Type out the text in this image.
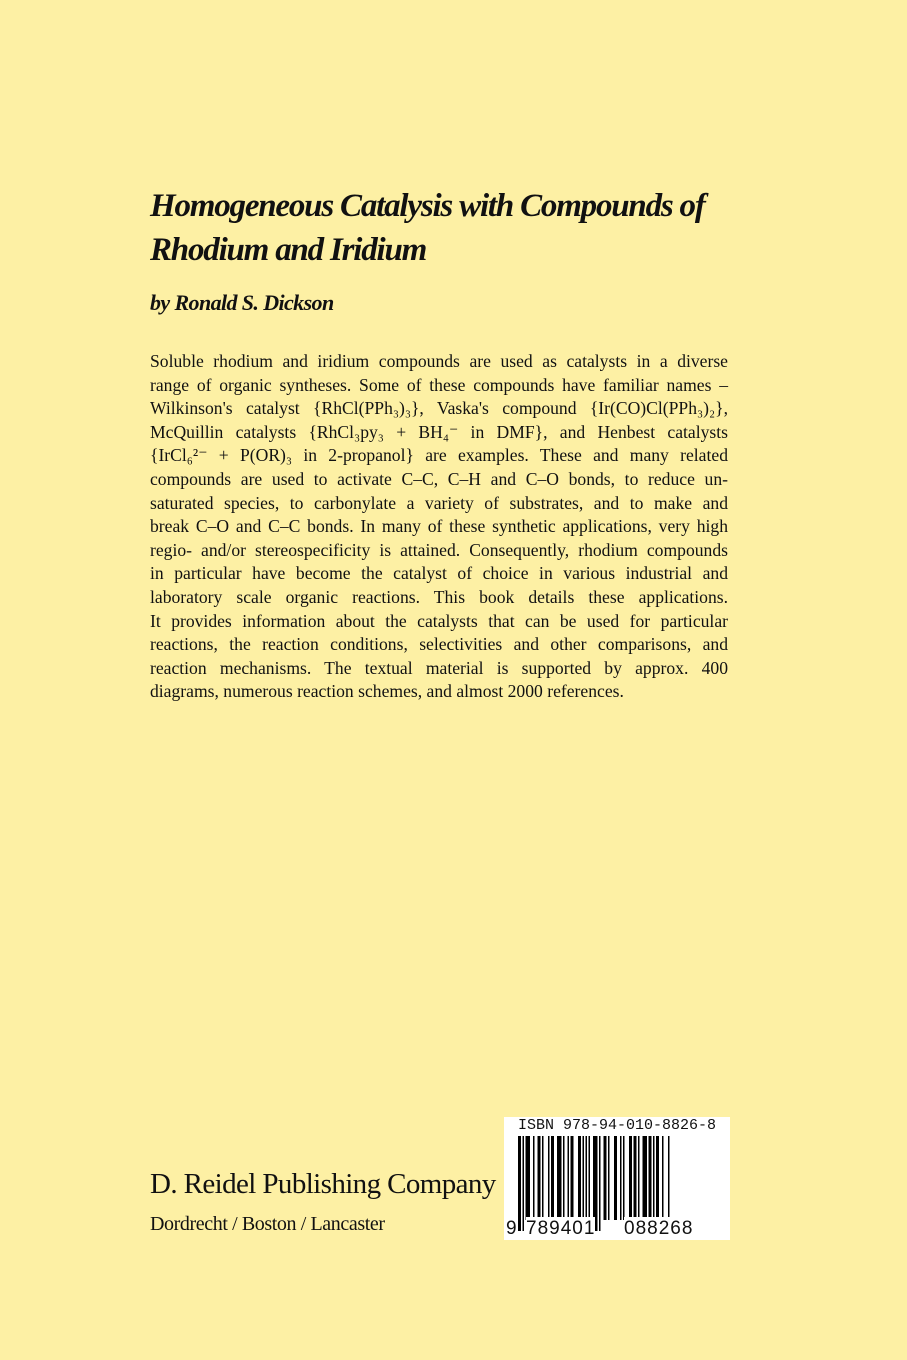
Homogeneous Catalysis with Compounds of
Rhodium and Iridium
by Ronald S. Dickson
Soluble rhodium and iridium compounds are used as catalysts in a diverse
range of organic syntheses. Some of these compounds have familiar names –
Wilkinson's catalyst {RhCl(PPh₃)₃}, Vaska's compound {Ir(CO)Cl(PPh₃)₂},
McQuillin catalysts {RhCl₃py₃ + BH₄⁻ in DMF}, and Henbest catalysts
{IrCl₆²⁻ + P(OR)₃ in 2-propanol} are examples. These and many related
compounds are used to activate C–C, C–H and C–O bonds, to reduce un-
saturated species, to carbonylate a variety of substrates, and to make and
break C–O and C–C bonds. In many of these synthetic applications, very high
regio- and/or stereospecificity is attained. Consequently, rhodium compounds
in particular have become the catalyst of choice in various industrial and
laboratory scale organic reactions. This book details these applications.
It provides information about the catalysts that can be used for particular
reactions, the reaction conditions, selectivities and other comparisons, and
reaction mechanisms. The textual material is supported by approx. 400
diagrams, numerous reaction schemes, and almost 2000 references.
D. Reidel Publishing Company
Dordrecht / Boston / Lancaster
ISBN 978-94-010-8826-8
9 789401 088268
